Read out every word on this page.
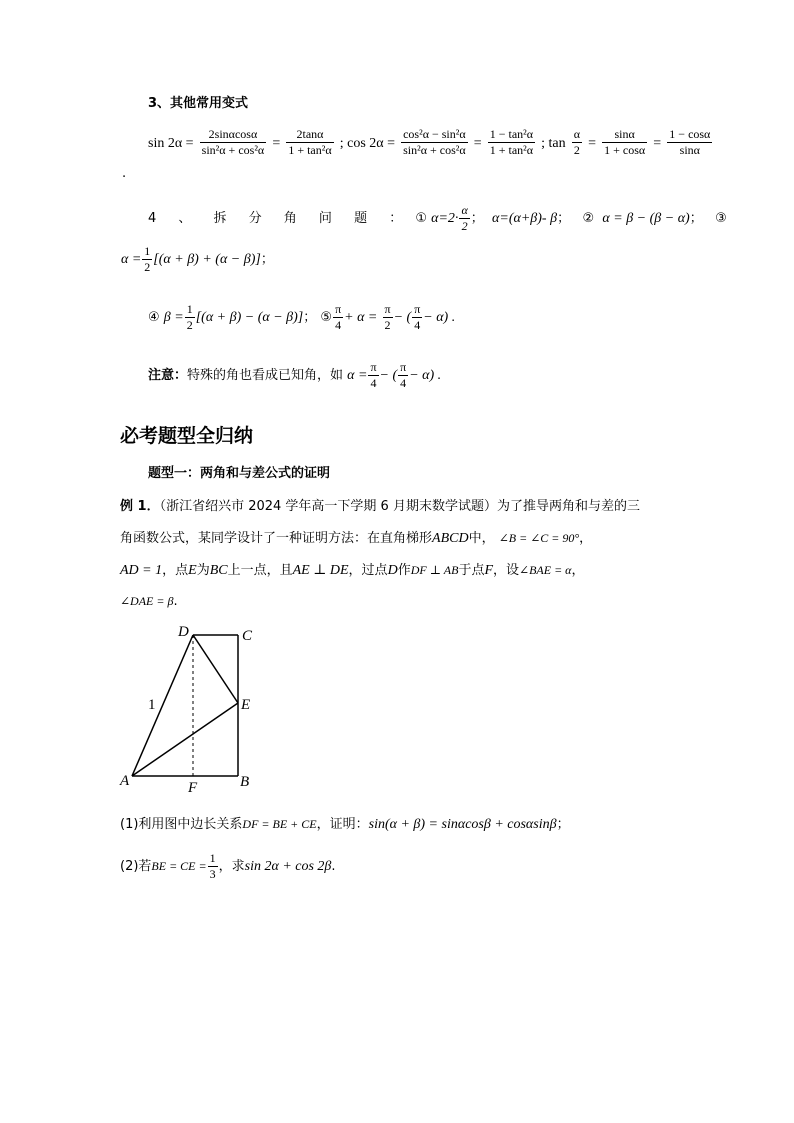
3、其他常用变式
$\sin 2\alpha = \frac{2\sin\alpha\cos\alpha}{\text{sin²α + cos²α}} = \frac{2\tan\alpha}{\text{1 + tan²α}}$ ; $\cos 2\alpha = \frac{\text{cos²α − sin²α}}{\text{sin²α + cos²α}} = \frac{\text{1 − tan²α}}{\text{1 + tan²α}}$ ; $\tan \frac{\alpha}{2} = \frac{\sin\alpha}{1 + \cos\alpha} = \frac{1 - \cos\alpha}{\sin\alpha}$
.
4 、 拆 分 角 问 题 ： ① $\alpha=2\cdot \frac{\alpha}{2}$ ； α=(α+β)- β； ② α = β − (β − α)； ③
$\alpha = \frac{1}{2} [(\alpha + \beta) + (\alpha - \beta)]$；
④ $\beta = \frac{1}{2} [(\alpha + \beta) - (\alpha - \beta)]$； ⑤ $\frac{\pi}{4} + \alpha = \frac{\pi}{2}$ − ( $\frac{\pi}{4} - \alpha$) .
注意：特殊的角也看成已知角，如 $\alpha = \frac{\pi}{4}$ − ( $\frac{\pi}{4} - \alpha$) .
必考题型全归纳
题型一：两角和与差公式的证明
例 1．（浙江省绍兴市 2024 学年高一下学期 6 月期末数学试题）为了推导两角和与差的三
角函数公式，某同学设计了一种证明方法：在直角梯形ABCD中， ∠B = ∠C = 90°，
AD = 1，点E为BC上一点，且AE ⊥ DE，过点D作DF ⊥ AB于点F，设∠BAE = α，
∠DAE = β.
D	C
E
A	B
F
1
(1)利用图中边长关系DF = BE + CE，证明：sin(α + β) = sinαcosβ + cosαsinβ；
(2)若BE = CE = $\frac{1}{3}$ ，求sin 2α + cos 2β.
